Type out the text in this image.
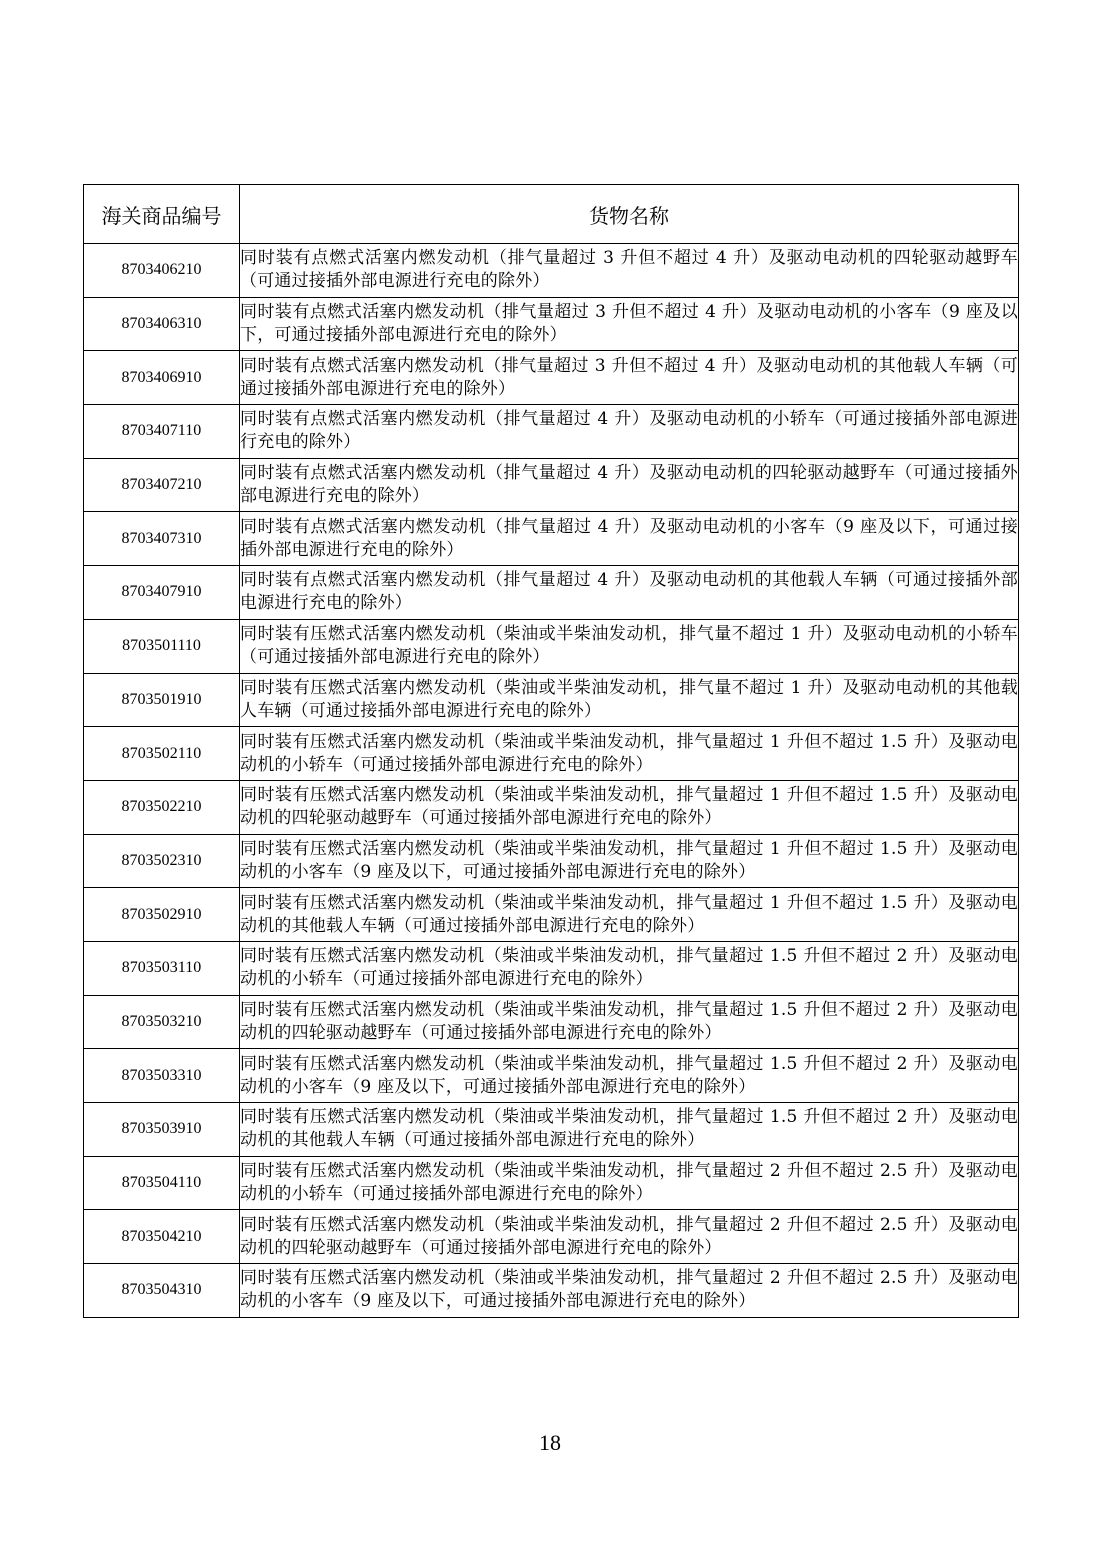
海关商品编号	货物名称
8703406210	同时装有点燃式活塞内燃发动机（排气量超过 3 升但不超过 4 升）及驱动电动机的四轮驱动越野车（可通过接插外部电源进行充电的除外）
8703406310	同时装有点燃式活塞内燃发动机（排气量超过 3 升但不超过 4 升）及驱动电动机的小客车（9 座及以下，可通过接插外部电源进行充电的除外）
8703406910	同时装有点燃式活塞内燃发动机（排气量超过 3 升但不超过 4 升）及驱动电动机的其他载人车辆（可通过接插外部电源进行充电的除外）
8703407110	同时装有点燃式活塞内燃发动机（排气量超过 4 升）及驱动电动机的小轿车（可通过接插外部电源进行充电的除外）
8703407210	同时装有点燃式活塞内燃发动机（排气量超过 4 升）及驱动电动机的四轮驱动越野车（可通过接插外部电源进行充电的除外）
8703407310	同时装有点燃式活塞内燃发动机（排气量超过 4 升）及驱动电动机的小客车（9 座及以下，可通过接插外部电源进行充电的除外）
8703407910	同时装有点燃式活塞内燃发动机（排气量超过 4 升）及驱动电动机的其他载人车辆（可通过接插外部电源进行充电的除外）
8703501110	同时装有压燃式活塞内燃发动机（柴油或半柴油发动机，排气量不超过 1 升）及驱动电动机的小轿车（可通过接插外部电源进行充电的除外）
8703501910	同时装有压燃式活塞内燃发动机（柴油或半柴油发动机，排气量不超过 1 升）及驱动电动机的其他载人车辆（可通过接插外部电源进行充电的除外）
8703502110	同时装有压燃式活塞内燃发动机（柴油或半柴油发动机，排气量超过 1 升但不超过 1.5 升）及驱动电动机的小轿车（可通过接插外部电源进行充电的除外）
8703502210	同时装有压燃式活塞内燃发动机（柴油或半柴油发动机，排气量超过 1 升但不超过 1.5 升）及驱动电动机的四轮驱动越野车（可通过接插外部电源进行充电的除外）
8703502310	同时装有压燃式活塞内燃发动机（柴油或半柴油发动机，排气量超过 1 升但不超过 1.5 升）及驱动电动机的小客车（9 座及以下，可通过接插外部电源进行充电的除外）
8703502910	同时装有压燃式活塞内燃发动机（柴油或半柴油发动机，排气量超过 1 升但不超过 1.5 升）及驱动电动机的其他载人车辆（可通过接插外部电源进行充电的除外）
8703503110	同时装有压燃式活塞内燃发动机（柴油或半柴油发动机，排气量超过 1.5 升但不超过 2 升）及驱动电动机的小轿车（可通过接插外部电源进行充电的除外）
8703503210	同时装有压燃式活塞内燃发动机（柴油或半柴油发动机，排气量超过 1.5 升但不超过 2 升）及驱动电动机的四轮驱动越野车（可通过接插外部电源进行充电的除外）
8703503310	同时装有压燃式活塞内燃发动机（柴油或半柴油发动机，排气量超过 1.5 升但不超过 2 升）及驱动电动机的小客车（9 座及以下，可通过接插外部电源进行充电的除外）
8703503910	同时装有压燃式活塞内燃发动机（柴油或半柴油发动机，排气量超过 1.5 升但不超过 2 升）及驱动电动机的其他载人车辆（可通过接插外部电源进行充电的除外）
8703504110	同时装有压燃式活塞内燃发动机（柴油或半柴油发动机，排气量超过 2 升但不超过 2.5 升）及驱动电动机的小轿车（可通过接插外部电源进行充电的除外）
8703504210	同时装有压燃式活塞内燃发动机（柴油或半柴油发动机，排气量超过 2 升但不超过 2.5 升）及驱动电动机的四轮驱动越野车（可通过接插外部电源进行充电的除外）
8703504310	同时装有压燃式活塞内燃发动机（柴油或半柴油发动机，排气量超过 2 升但不超过 2.5 升）及驱动电动机的小客车（9 座及以下，可通过接插外部电源进行充电的除外）
18
